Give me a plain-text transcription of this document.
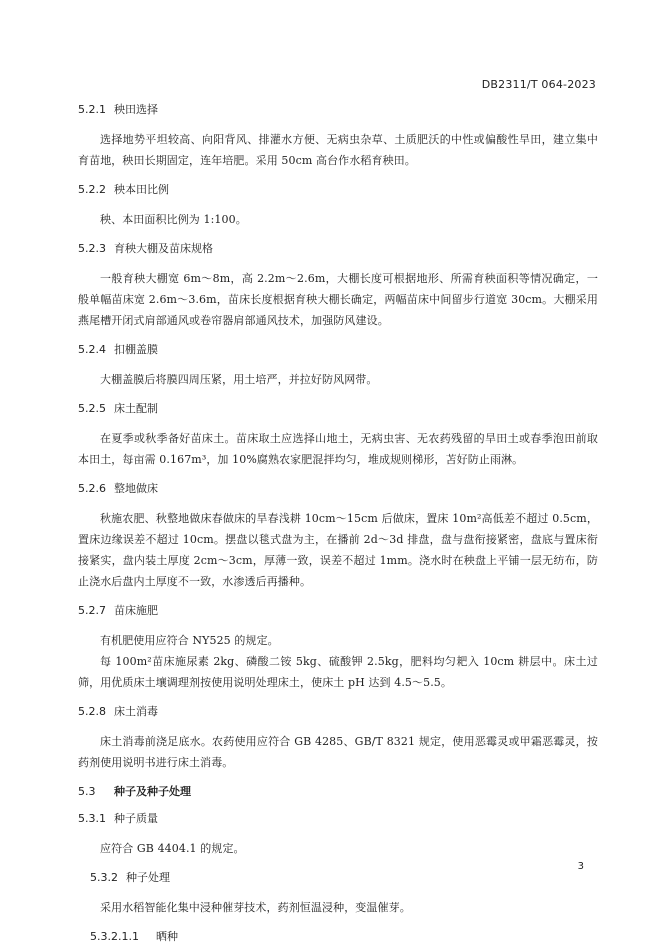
DB2311/T 064-2023
5.2.1 秧田选择

选择地势平坦较高、向阳背风、排灌水方便、无病虫杂草、土质肥沃的中性或偏酸性旱田，建立集中育苗地，秧田长期固定，连年培肥。采用 50cm 高台作水稻育秧田。

5.2.2 秧本田比例

秧、本田面积比例为 1:100。

5.2.3 育秧大棚及苗床规格

一般育秧大棚宽 6m～8m，高 2.2m～2.6m，大棚长度可根据地形、所需育秧面积等情况确定，一般单幅苗床宽 2.6m～3.6m，苗床长度根据育秧大棚长确定，两幅苗床中间留步行道宽 30cm。大棚采用燕尾槽开闭式肩部通风或卷帘器肩部通风技术，加强防风建设。

5.2.4 扣棚盖膜

大棚盖膜后将膜四周压紧，用土培严，并拉好防风网带。

5.2.5 床土配制

在夏季或秋季备好苗床土。苗床取土应选择山地土，无病虫害、无农药残留的旱田土或春季泡田前取本田土，每亩需 0.167m³，加 10%腐熟农家肥混拌均匀，堆成规则梯形，苫好防止雨淋。

5.2.6 整地做床

秋施农肥、秋整地做床春做床的旱春浅耕 10cm～15cm 后做床，置床 10m²高低差不超过 0.5cm，置床边缘误差不超过 10cm。摆盘以毯式盘为主，在播前 2d～3d 排盘，盘与盘衔接紧密，盘底与置床衔接紧实，盘内装土厚度 2cm～3cm，厚薄一致，误差不超过 1mm。浇水时在秧盘上平铺一层无纺布，防止浇水后盘内土厚度不一致，水渗透后再播种。

5.2.7 苗床施肥

有机肥使用应符合 NY525 的规定。

每 100m²苗床施尿素 2kg、磷酸二铵 5kg、硫酸钾 2.5kg，肥料均匀耙入 10cm 耕层中。床土过筛，用优质床土壤调理剂按使用说明处理床土，使床土 pH 达到 4.5～5.5。

5.2.8 床土消毒

床土消毒前浇足底水。农药使用应符合 GB 4285、GB/T 8321 规定，使用恶霉灵或甲霜恶霉灵，按药剂使用说明书进行床土消毒。

5.3	种子及种子处理
5.3.1 种子质量

应符合 GB 4404.1 的规定。

5.3.2 种子处理

采用水稻智能化集中浸种催芽技术，药剂恒温浸种，变温催芽。

5.3.2.1.1	晒种
3
